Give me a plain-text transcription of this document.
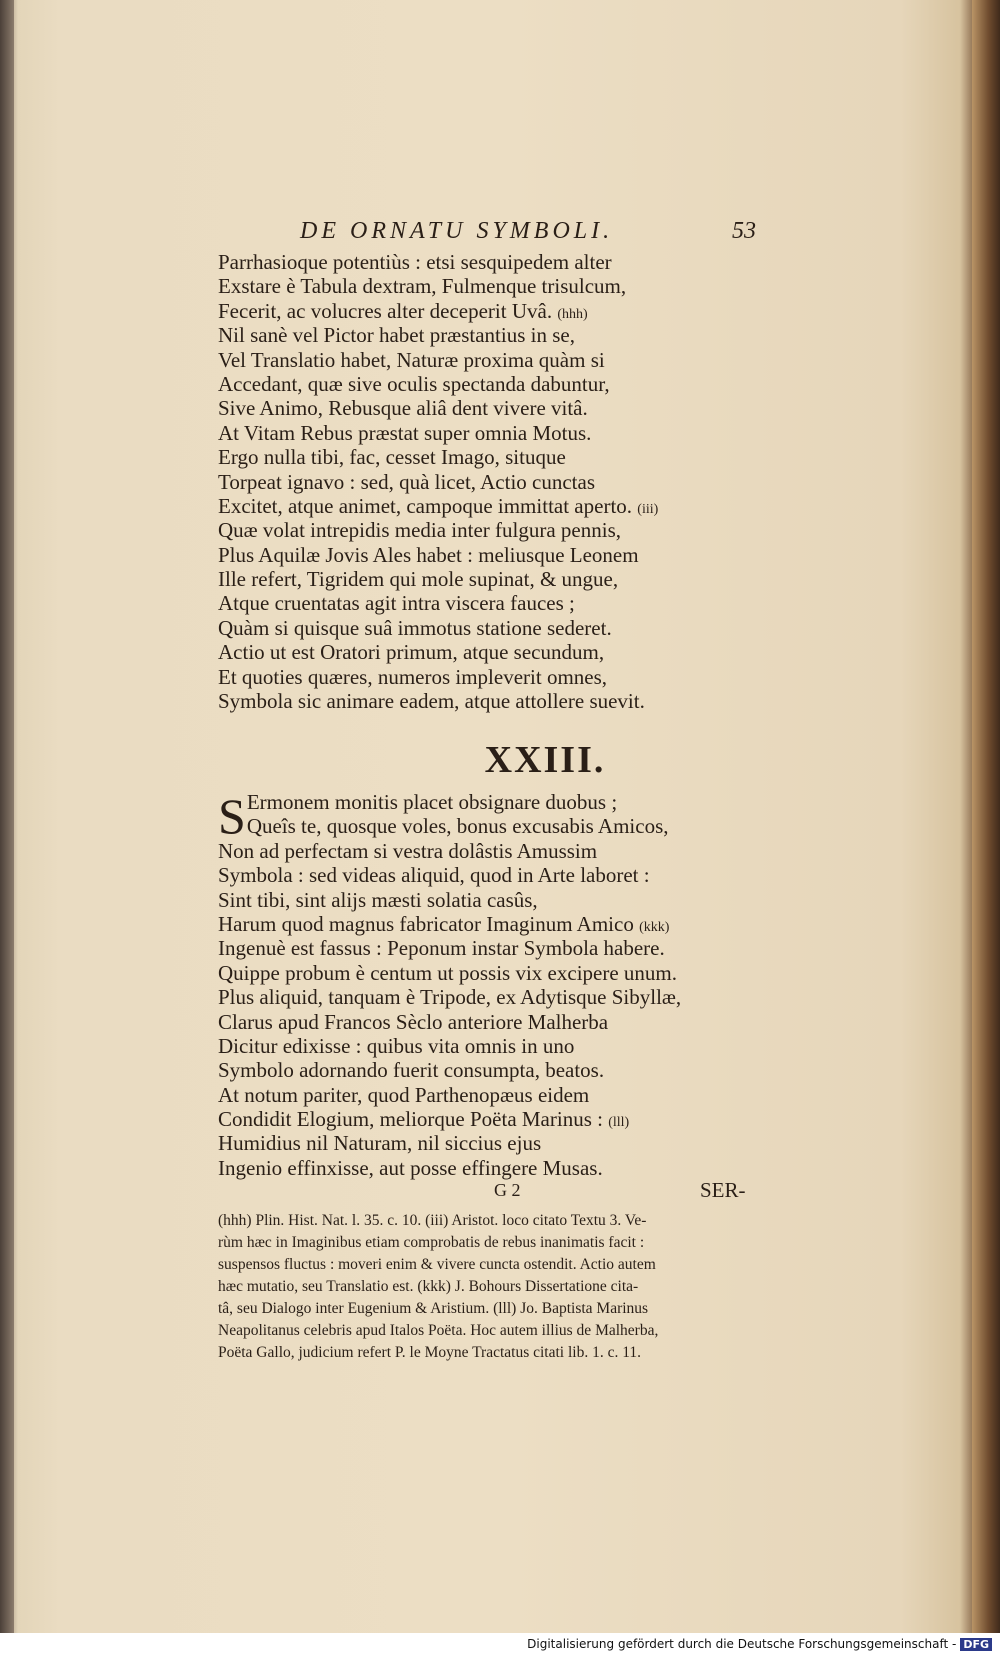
DE ORNATU SYMBOLI.	53
Parrhasioque potentiùs : etsi sesquipedem alter
Exstare è Tabula dextram, Fulmenque trisulcum,
Fecerit, ac volucres alter deceperit Uvâ. (hhh)
Nil sanè vel Pictor habet præstantius in se,
Vel Translatio habet, Naturæ proxima quàm si
Accedant, quæ sive oculis spectanda dabuntur,
Sive Animo, Rebusque aliâ dent vivere vitâ.
At Vitam Rebus præstat super omnia Motus.
Ergo nulla tibi, fac, cesset Imago, situque
Torpeat ignavo : sed, quà licet, Actio cunctas
Excitet, atque animet, campoque immittat aperto. (iii)
Quæ volat intrepidis media inter fulgura pennis,
Plus Aquilæ Jovis Ales habet : meliusque Leonem
Ille refert, Tigridem qui mole supinat, & ungue,
Atque cruentatas agit intra viscera fauces ;
Quàm si quisque suâ immotus statione sederet.
Actio ut est Oratori primum, atque secundum,
Et quoties quæres, numeros impleverit omnes,
Symbola sic animare eadem, atque attollere suevit.
XXIII.
S Ermonem monitis placet obsignare duobus ;
Queîs te, quosque voles, bonus excusabis Amicos,
Non ad perfectam si vestra dolâstis Amussim
Symbola : sed videas aliquid, quod in Arte laboret :
Sint tibi, sint alijs mæsti solatia casûs,
Harum quod magnus fabricator Imaginum Amico (kkk)
Ingenuè est fassus : Peponum instar Symbola habere.
Quippe probum è centum ut possis vix excipere unum.
Plus aliquid, tanquam è Tripode, ex Adytisque Sibyllæ,
Clarus apud Francos Sèclo anteriore Malherba
Dicitur edixisse : quibus vita omnis in uno
Symbolo adornando fuerit consumpta, beatos.
At notum pariter, quod Parthenopæus eidem
Condidit Elogium, meliorque Poëta Marinus : (lll)
Humidius nil Naturam, nil siccius ejus
Ingenio effinxisse, aut posse effingere Musas.
G 2	SER-

(hhh) Plin. Hist. Nat. l. 35. c. 10. (iii) Aristot. loco citato Textu 3. Ve-

rùm hæc in Imaginibus etiam comprobatis de rebus inanimatis facit :

suspensos fluctus : moveri enim & vivere cuncta ostendit. Actio autem

hæc mutatio, seu Translatio est. (kkk) J. Bohours Dissertatione cita-

tâ, seu Dialogo inter Eugenium & Aristium. (lll) Jo. Baptista Marinus

Neapolitanus celebris apud Italos Poëta. Hoc autem illius de Malherba,

Poëta Gallo, judicium refert P. le Moyne Tractatus citati lib. 1. c. 11.

Digitalisierung gefördert durch die Deutsche Forschungsgemeinschaft - DFG
